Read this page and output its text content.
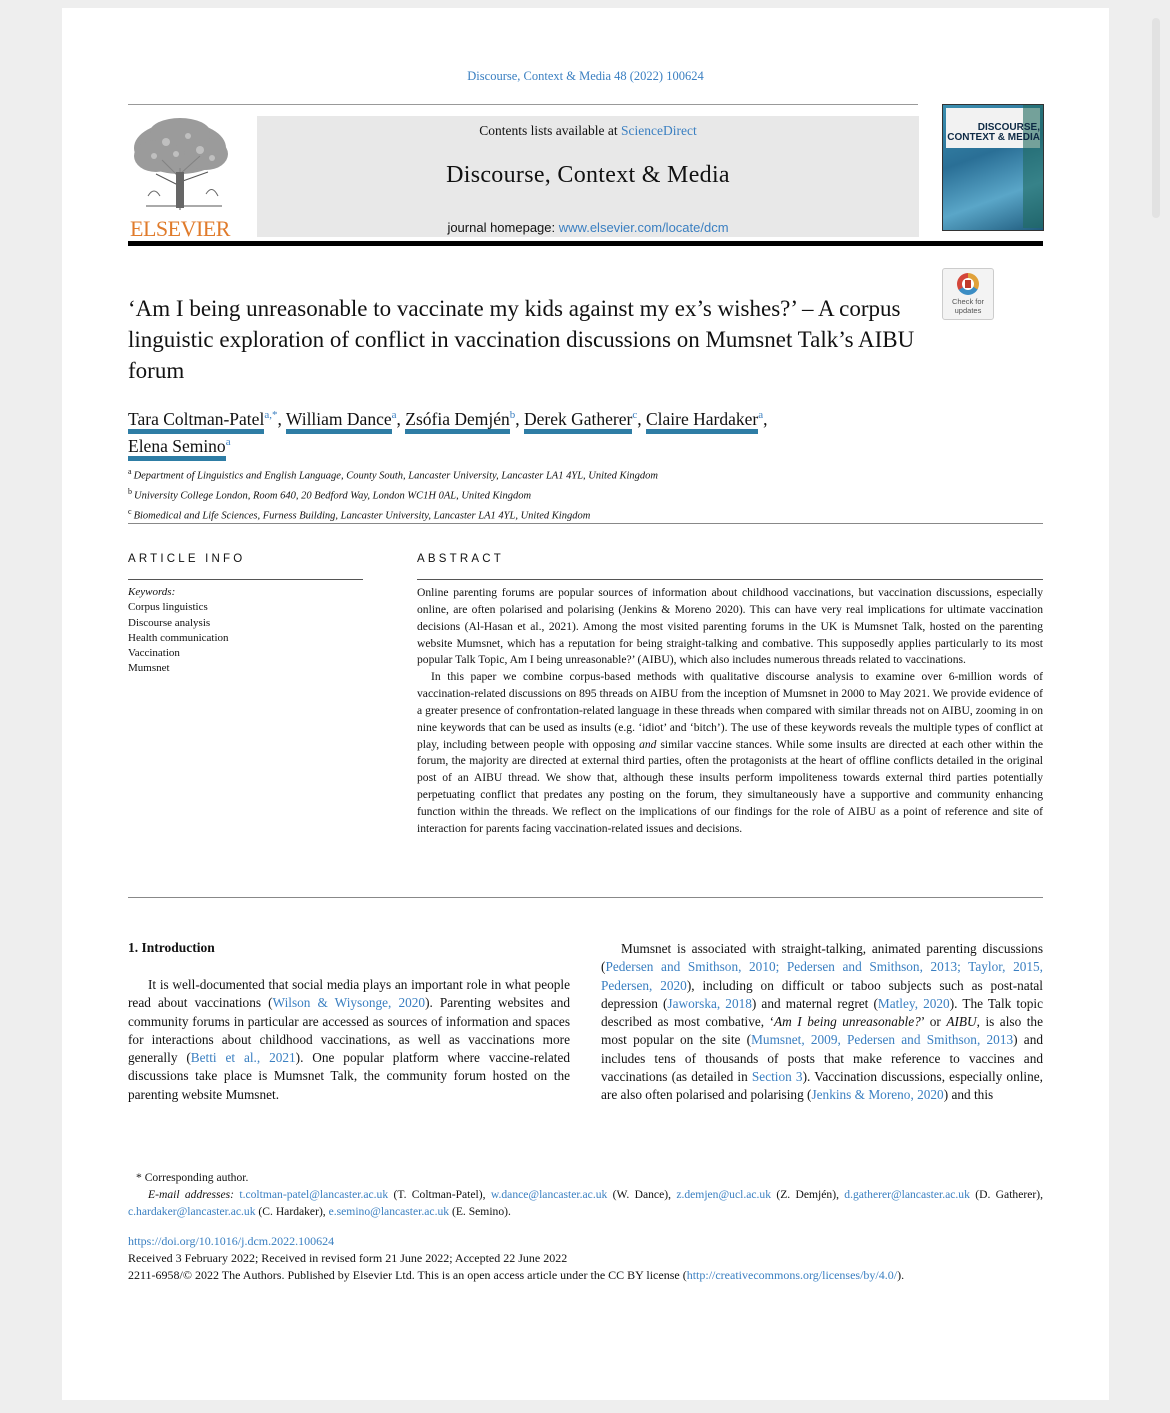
Discourse, Context & Media 48 (2022) 100624
ELSEVIER
Contents lists available at ScienceDirect
Discourse, Context & Media
journal homepage: www.elsevier.com/locate/dcm
DISCOURSE, CONTEXT & MEDIA
Check for updates
‘Am I being unreasonable to vaccinate my kids against my ex’s wishes?’ – A corpus linguistic exploration of conflict in vaccination discussions on Mumsnet Talk’s AIBU forum
Tara Coltman-Patel$^{a,*}$, William Dance$^a$, Zsófia Demjén$^b$, Derek Gatherer$^c$, Claire Hardaker$^a$,
Elena Semino$^a$
$^a$ Department of Linguistics and English Language, County South, Lancaster University, Lancaster LA1 4YL, United Kingdom
$^b$ University College London, Room 640, 20 Bedford Way, London WC1H 0AL, United Kingdom
$^c$ Biomedical and Life Sciences, Furness Building, Lancaster University, Lancaster LA1 4YL, United Kingdom
ARTICLE INFO	ABSTRACT
Keywords:
Corpus linguistics
Discourse analysis
Health communication
Vaccination
Mumsnet

Online parenting forums are popular sources of information about childhood vaccinations, but vaccination discussions, especially online, are often polarised and polarising (Jenkins & Moreno 2020). This can have very real implications for ultimate vaccination decisions (Al-Hasan et al., 2021). Among the most visited parenting forums in the UK is Mumsnet Talk, hosted on the parenting website Mumsnet, which has a reputation for being straight-talking and combative. This supposedly applies particularly to its most popular Talk Topic, Am I being unreasonable?’ (AIBU), which also includes numerous threads related to vaccinations.

In this paper we combine corpus-based methods with qualitative discourse analysis to examine over 6-million words of vaccination-related discussions on 895 threads on AIBU from the inception of Mumsnet in 2000 to May 2021. We provide evidence of a greater presence of confrontation-related language in these threads when compared with similar threads not on AIBU, zooming in on nine keywords that can be used as insults (e.g. ‘idiot’ and ‘bitch’). The use of these keywords reveals the multiple types of conflict at play, including between people with opposing and similar vaccine stances. While some insults are directed at each other within the forum, the majority are directed at external third parties, often the protagonists at the heart of offline conflicts detailed in the original post of an AIBU thread. We show that, although these insults perform impoliteness towards external third parties potentially perpetuating conflict that predates any posting on the forum, they simultaneously have a supportive and community enhancing function within the threads. We reflect on the implications of our findings for the role of AIBU as a point of reference and site of interaction for parents facing vaccination-related issues and decisions.

1. Introduction

It is well-documented that social media plays an important role in what people read about vaccinations (Wilson & Wiysonge, 2020). Parenting websites and community forums in particular are accessed as sources of information and spaces for interactions about childhood vaccinations, as well as vaccinations more generally (Betti et al., 2021). One popular platform where vaccine-related discussions take place is Mumsnet Talk, the community forum hosted on the parenting website Mumsnet.

Mumsnet is associated with straight-talking, animated parenting discussions (Pedersen and Smithson, 2010; Pedersen and Smithson, 2013; Taylor, 2015, Pedersen, 2020), including on difficult or taboo subjects such as post-natal depression (Jaworska, 2018) and maternal regret (Matley, 2020). The Talk topic described as most combative, ‘Am I being unreasonable?’ or AIBU, is also the most popular on the site (Mumsnet, 2009, Pedersen and Smithson, 2013) and includes tens of thousands of posts that make reference to vaccines and vaccinations (as detailed in Section 3). Vaccination discussions, especially online, are also often polarised and polarising (Jenkins & Moreno, 2020) and this

* Corresponding author.
E-mail addresses: t.coltman-patel@lancaster.ac.uk (T. Coltman-Patel), w.dance@lancaster.ac.uk (W. Dance), z.demjen@ucl.ac.uk (Z. Demjén), d.gatherer@lancaster.ac.uk (D. Gatherer), c.hardaker@lancaster.ac.uk (C. Hardaker), e.semino@lancaster.ac.uk (E. Semino).
https://doi.org/10.1016/j.dcm.2022.100624
Received 3 February 2022; Received in revised form 21 June 2022; Accepted 22 June 2022
2211-6958/© 2022 The Authors. Published by Elsevier Ltd. This is an open access article under the CC BY license (http://creativecommons.org/licenses/by/4.0/).
